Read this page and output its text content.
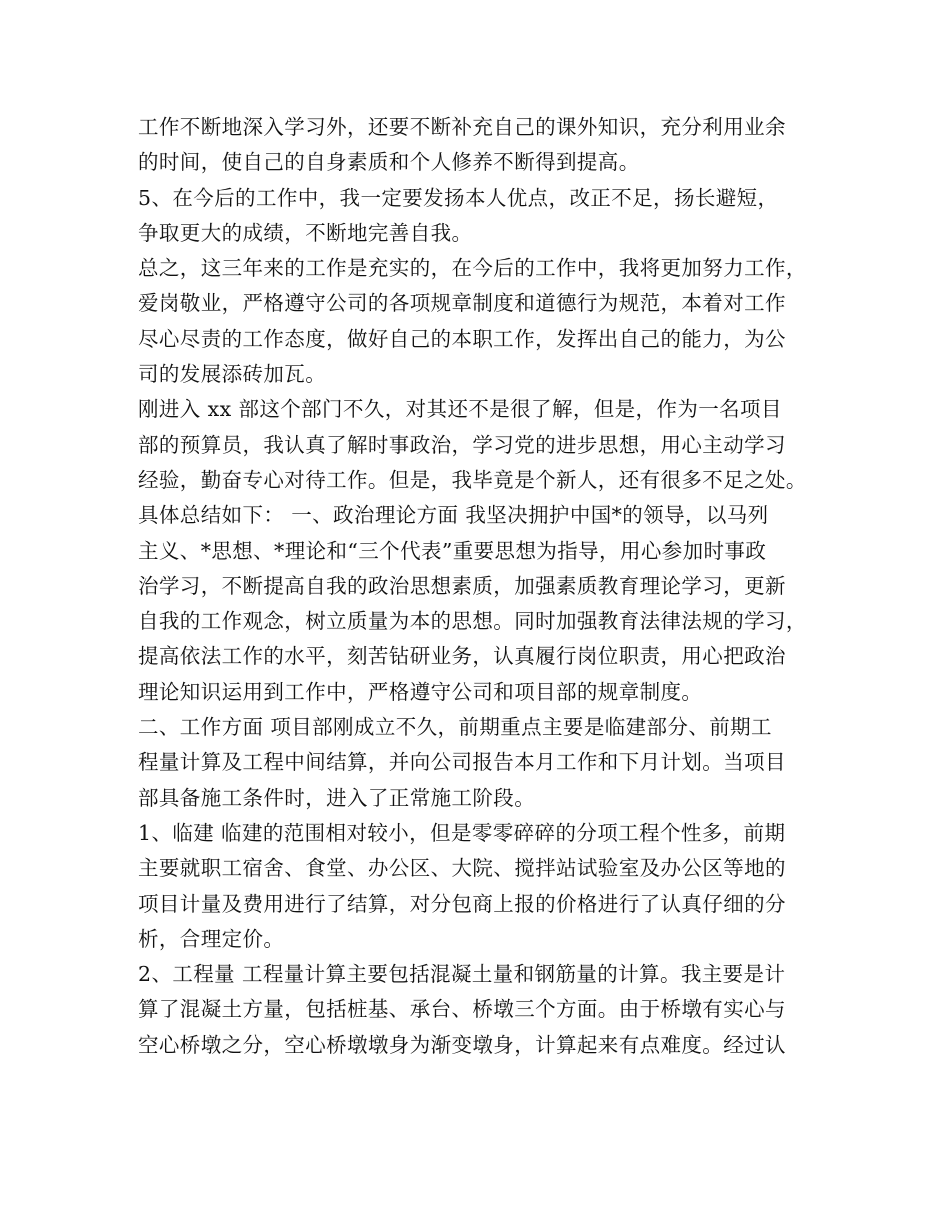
工作不断地深入学习外，还要不断补充自己的课外知识，充分利用业余
的时间，使自己的自身素质和个人修养不断得到提高。
5、在今后的工作中，我一定要发扬本人优点，改正不足，扬长避短，
争取更大的成绩，不断地完善自我。
总之，这三年来的工作是充实的，在今后的工作中，我将更加努力工作，
爱岗敬业，严格遵守公司的各项规章制度和道德行为规范，本着对工作
尽心尽责的工作态度，做好自己的本职工作，发挥出自己的能力，为公
司的发展添砖加瓦。
刚进入 xx 部这个部门不久，对其还不是很了解，但是，作为一名项目
部的预算员，我认真了解时事政治，学习党的进步思想，用心主动学习
经验，勤奋专心对待工作。但是，我毕竟是个新人，还有很多不足之处。
具体总结如下： 一、政治理论方面 我坚决拥护中国*的领导，以马列
主义、*思想、*理论和“三个代表”重要思想为指导，用心参加时事政
治学习，不断提高自我的政治思想素质，加强素质教育理论学习，更新
自我的工作观念，树立质量为本的思想。同时加强教育法律法规的学习，
提高依法工作的水平，刻苦钻研业务，认真履行岗位职责，用心把政治
理论知识运用到工作中，严格遵守公司和项目部的规章制度。
二、工作方面 项目部刚成立不久，前期重点主要是临建部分、前期工
程量计算及工程中间结算，并向公司报告本月工作和下月计划。当项目
部具备施工条件时，进入了正常施工阶段。
1、临建 临建的范围相对较小，但是零零碎碎的分项工程个性多，前期
主要就职工宿舍、食堂、办公区、大院、搅拌站试验室及办公区等地的
项目计量及费用进行了结算，对分包商上报的价格进行了认真仔细的分
析，合理定价。
2、工程量 工程量计算主要包括混凝土量和钢筋量的计算。我主要是计
算了混凝土方量，包括桩基、承台、桥墩三个方面。由于桥墩有实心与
空心桥墩之分，空心桥墩墩身为渐变墩身，计算起来有点难度。经过认
